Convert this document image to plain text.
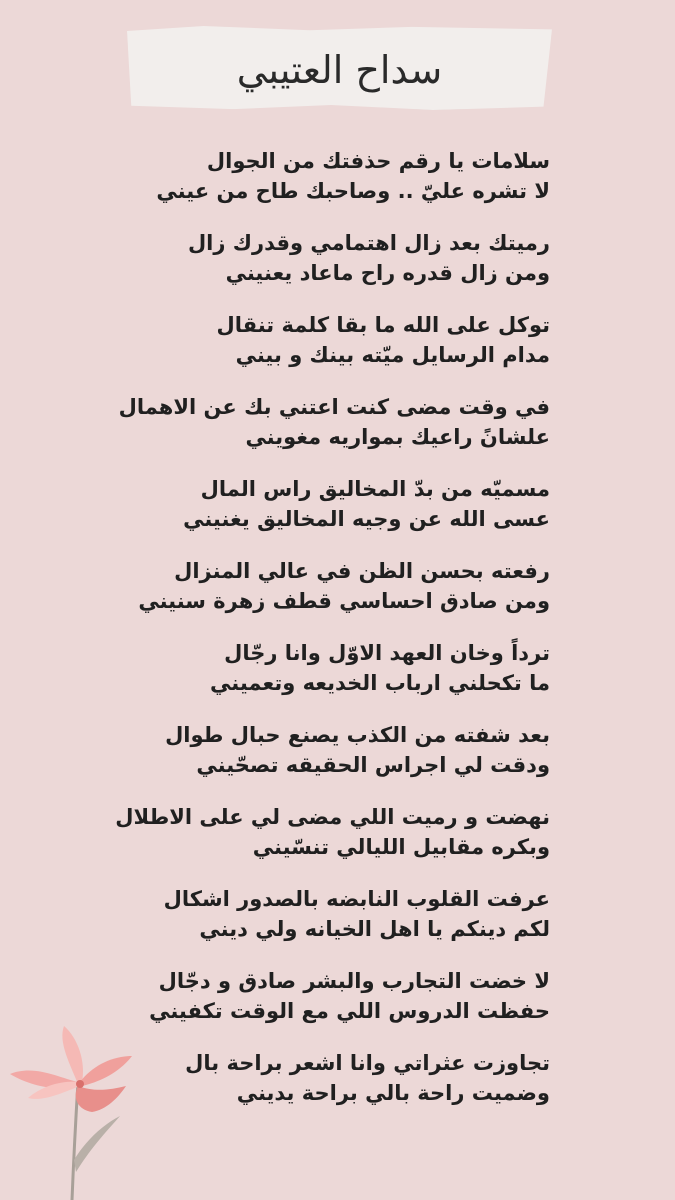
سداح العتيبي
سلامات يا رقم حذفتك من الجوال
لا تشره عليّ .. وصاحبك طاح من عيني
رميتك بعد زال اهتمامي وقدرك زال
ومن زال قدره راح ماعاد يعنيني
توكل على الله ما بقا كلمة تنقال
مدام الرسايل ميّته بينك و بيني
في وقت مضى كنت اعتني بك عن الاهمال
علشانً راعيك بمواريه مغويني
مسميّه من بدّ المخاليق راس المال
عسى الله عن وجيه المخاليق يغنيني
رفعته بحسن الظن في عالي المنزال
ومن صادق احساسي قطف زهرة سنيني
ترداً وخان العهد الاوّل وانا رجّال
ما تكحلني ارباب الخديعه وتعميني
بعد شفته من الكذب يصنع حبال طوال
ودقت لي اجراس الحقيقه تصحّيني
نهضت و رميت اللي مضى لي على الاطلال
وبكره مقابيل الليالي تنسّيني
عرفت القلوب النابضه بالصدور اشكال
لكم دينكم يا اهل الخيانه ولي ديني
لا خضت التجارب والبشر صادق و دجّال
حفظت الدروس اللي مع الوقت تكفيني
تجاوزت عثراتي وانا اشعر براحة بال
وضميت راحة بالي براحة يديني
